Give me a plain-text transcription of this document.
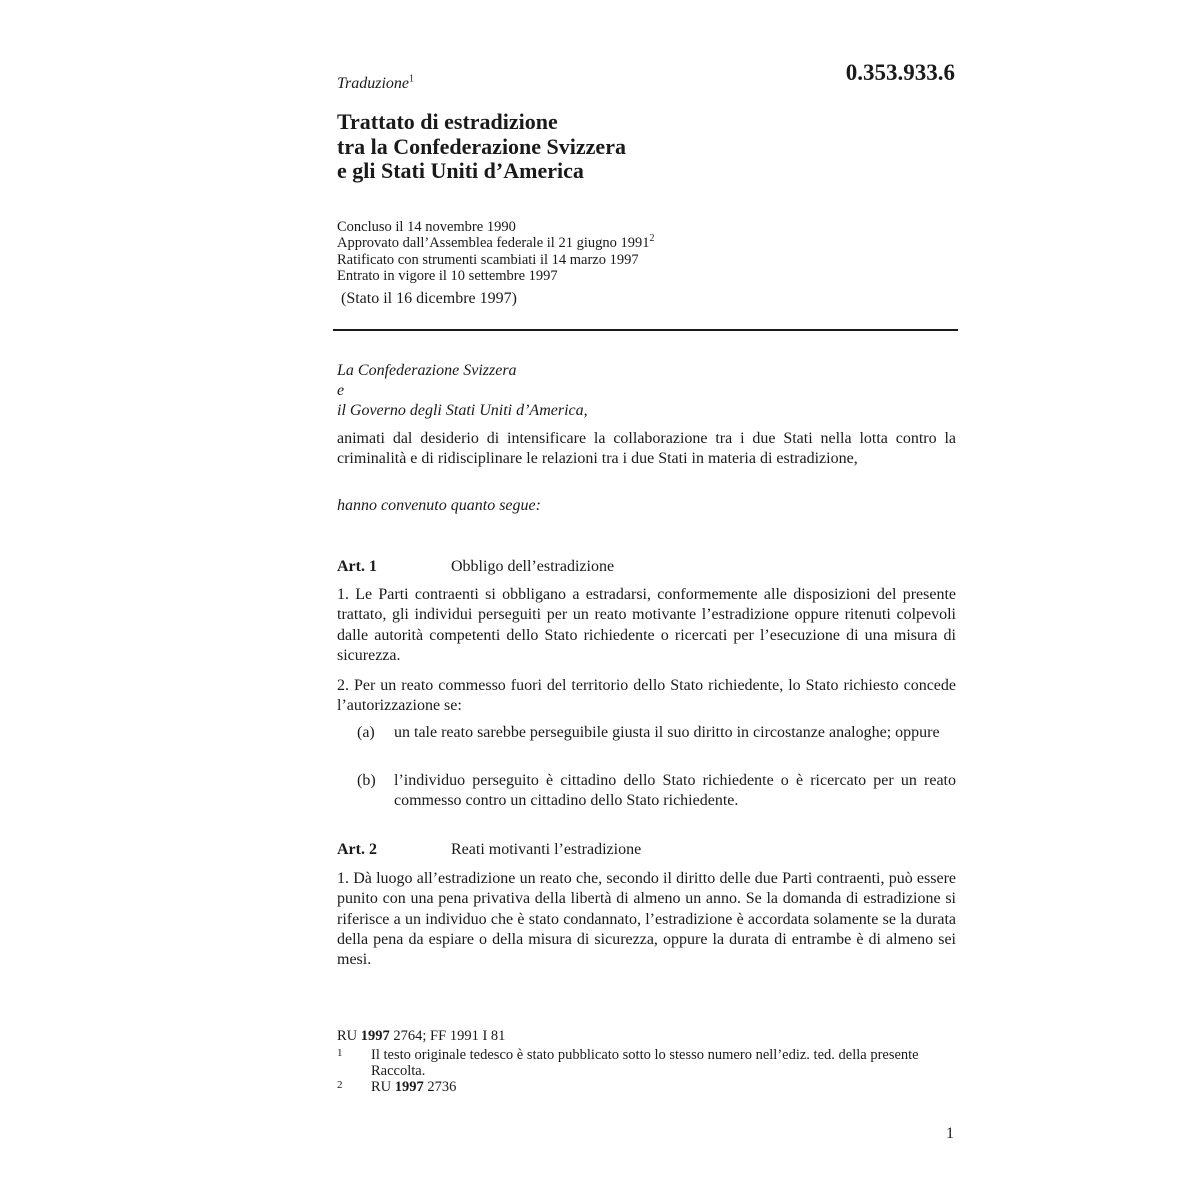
Traduzione$^1$	0.353.933.6
Trattato di estradizione
tra la Confederazione Svizzera
e gli Stati Uniti d’America
Concluso il 14 novembre 1990
Approvato dall’Assemblea federale il 21 giugno 1991$^2$
Ratificato con strumenti scambiati il 14 marzo 1997
Entrato in vigore il 10 settembre 1997
(Stato il 16 dicembre 1997)
La Confederazione Svizzera
e
il Governo degli Stati Uniti d’America,
animati dal desiderio di intensificare la collaborazione tra i due Stati nella lotta contro la criminalità e di ridisciplinare le relazioni tra i due Stati in materia di estradizione,
hanno convenuto quanto segue:
Art. 1	Obbligo dell’estradizione
1. Le Parti contraenti si obbligano a estradarsi, conformemente alle disposizioni del presente trattato, gli individui perseguiti per un reato motivante l’estradizione oppure ritenuti colpevoli dalle autorità competenti dello Stato richiedente o ricercati per l’esecuzione di una misura di sicurezza.
2. Per un reato commesso fuori del territorio dello Stato richiedente, lo Stato richiesto concede l’autorizzazione se:
(a) un tale reato sarebbe perseguibile giusta il suo diritto in circostanze analoghe; oppure
(b) l’individuo perseguito è cittadino dello Stato richiedente o è ricercato per un reato commesso contro un cittadino dello Stato richiedente.
Art. 2	Reati motivanti l’estradizione
1. Dà luogo all’estradizione un reato che, secondo il diritto delle due Parti contraenti, può essere punito con una pena privativa della libertà di almeno un anno. Se la domanda di estradizione si riferisce a un individuo che è stato condannato, l’estradizione è accordata solamente se la durata della pena da espiare o della misura di sicurezza, oppure la durata di entrambe è di almeno sei mesi.
RU 1997 2764; FF 1991 I 81
1 Il testo originale tedesco è stato pubblicato sotto lo stesso numero nell’ediz. ted. della presente Raccolta.
2 RU 1997 2736
1
